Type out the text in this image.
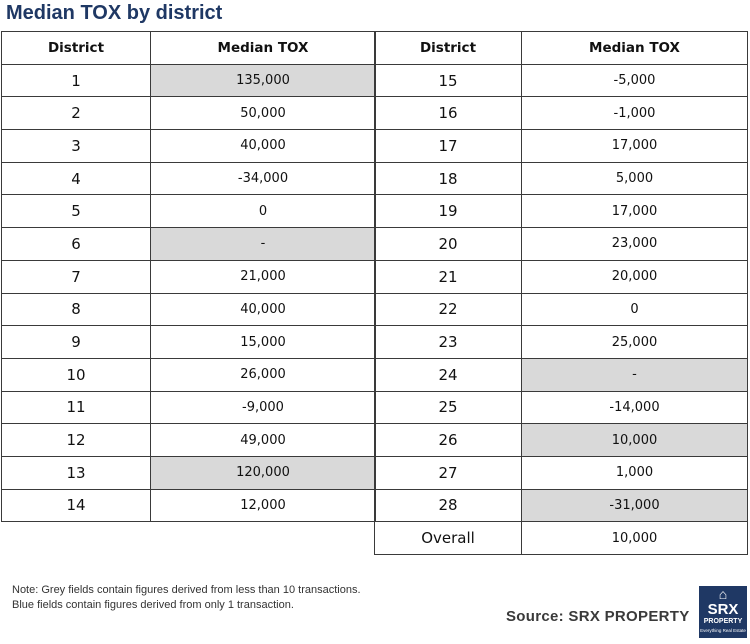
Median TOX by district
District	Median TOX
1	135,000
2	50,000
3	40,000
4	-34,000
5	0
6	-
7	21,000
8	40,000
9	15,000
10	26,000
11	-9,000
12	49,000
13	120,000
14	12,000
District	Median TOX
15	-5,000
16	-1,000
17	17,000
18	5,000
19	17,000
20	23,000
21	20,000
22	0
23	25,000
24	-
25	-14,000
26	10,000
27	1,000
28	-31,000
Overall	10,000
Note: Grey fields contain figures derived from less than 10 transactions.
Blue fields contain figures derived from only 1 transaction.
Source: SRX PROPERTY
⌂
SRX
PROPERTY
Everything Real Estate
